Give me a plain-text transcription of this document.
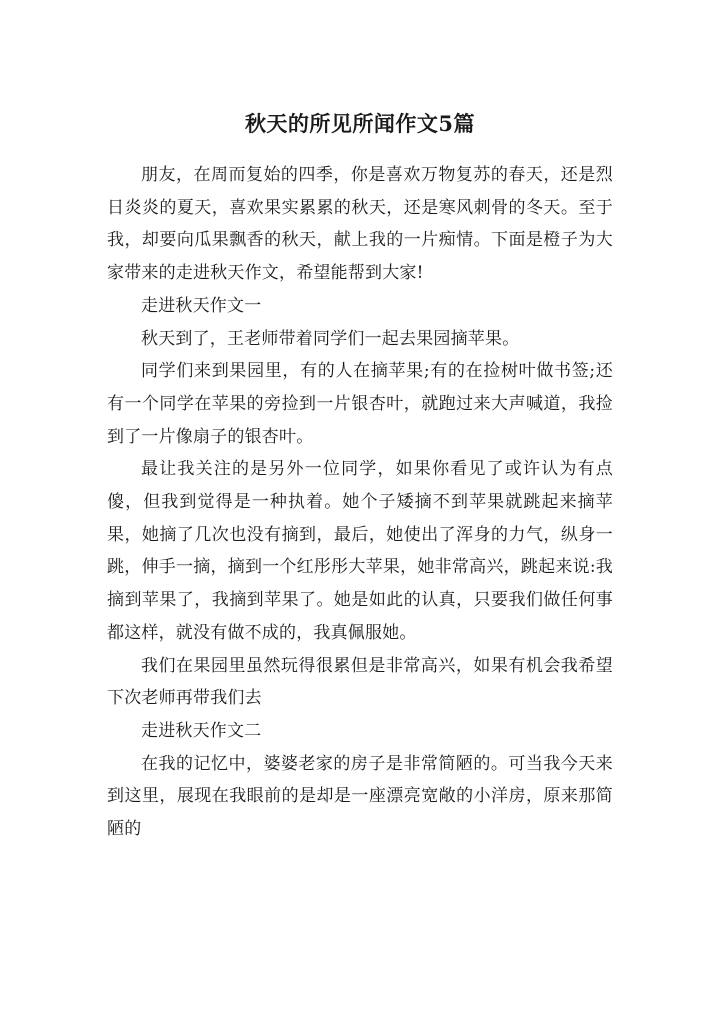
秋天的所见所闻作文5篇

朋友，在周而复始的四季，你是喜欢万物复苏的春天，还是烈日炎炎的夏天，喜欢果实累累的秋天，还是寒风刺骨的冬天。至于我，却要向瓜果飘香的秋天，献上我的一片痴情。下面是橙子为大家带来的走进秋天作文，希望能帮到大家!

走进秋天作文一

秋天到了，王老师带着同学们一起去果园摘苹果。

同学们来到果园里，有的人在摘苹果;有的在捡树叶做书签;还有一个同学在苹果的旁捡到一片银杏叶，就跑过来大声喊道，我捡到了一片像扇子的银杏叶。

最让我关注的是另外一位同学，如果你看见了或许认为有点傻，但我到觉得是一种执着。她个子矮摘不到苹果就跳起来摘苹果，她摘了几次也没有摘到，最后，她使出了浑身的力气，纵身一跳，伸手一摘，摘到一个红彤彤大苹果，她非常高兴，跳起来说:我摘到苹果了，我摘到苹果了。她是如此的认真，只要我们做任何事都这样，就没有做不成的，我真佩服她。

我们在果园里虽然玩得很累但是非常高兴，如果有机会我希望下次老师再带我们去

走进秋天作文二

在我的记忆中，婆婆老家的房子是非常简陋的。可当我今天来到这里，展现在我眼前的是却是一座漂亮宽敞的小洋房，原来那简陋的
